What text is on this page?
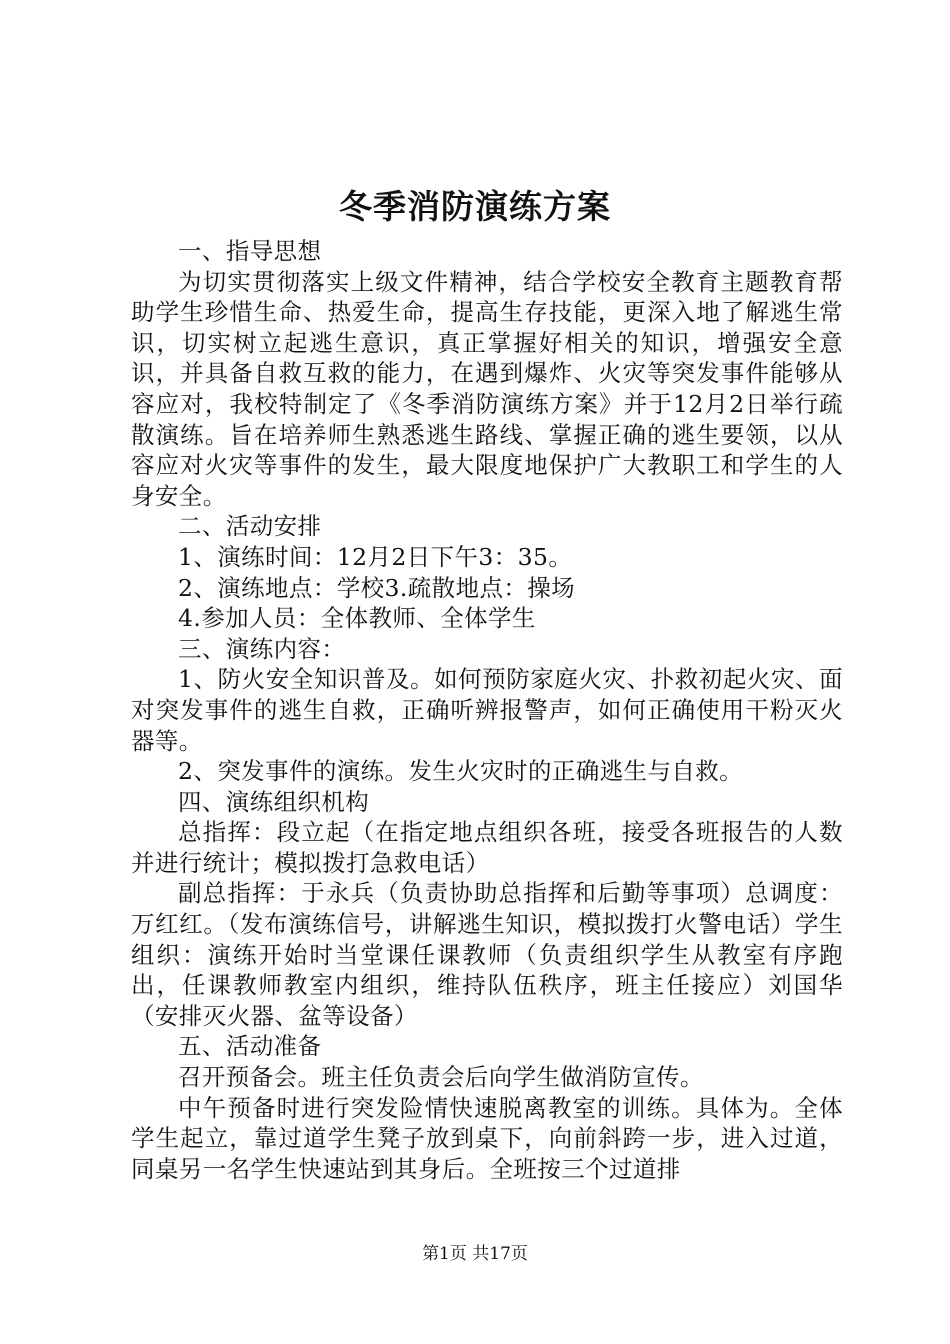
冬季消防演练方案

一、指导思想

为切实贯彻落实上级文件精神，结合学校安全教育主题教育帮助学生珍惜生命、热爱生命，提高生存技能，更深入地了解逃生常识，切实树立起逃生意识，真正掌握好相关的知识，增强安全意识，并具备自救互救的能力，在遇到爆炸、火灾等突发事件能够从容应对，我校特制定了《冬季消防演练方案》并于12月2日举行疏散演练。旨在培养师生熟悉逃生路线、掌握正确的逃生要领，以从容应对火灾等事件的发生，最大限度地保护广大教职工和学生的人身安全。

二、活动安排

1、演练时间：12月2日下午3：35。

2、演练地点：学校3.疏散地点：操场

4.参加人员：全体教师、全体学生

三、演练内容：

1、防火安全知识普及。如何预防家庭火灾、扑救初起火灾、面对突发事件的逃生自救，正确听辨报警声，如何正确使用干粉灭火器等。

2、突发事件的演练。发生火灾时的正确逃生与自救。

四、演练组织机构

总指挥：段立起（在指定地点组织各班，接受各班报告的人数并进行统计；模拟拨打急救电话）

副总指挥：于永兵（负责协助总指挥和后勤等事项）总调度：万红红。（发布演练信号，讲解逃生知识，模拟拨打火警电话）学生组织：演练开始时当堂课任课教师（负责组织学生从教室有序跑出，任课教师教室内组织，维持队伍秩序，班主任接应）刘国华（安排灭火器、盆等设备）

五、活动准备

召开预备会。班主任负责会后向学生做消防宣传。

中午预备时进行突发险情快速脱离教室的训练。具体为。全体学生起立，靠过道学生凳子放到桌下，向前斜跨一步，进入过道，同桌另一名学生快速站到其身后。全班按三个过道排

第1页 共17页
